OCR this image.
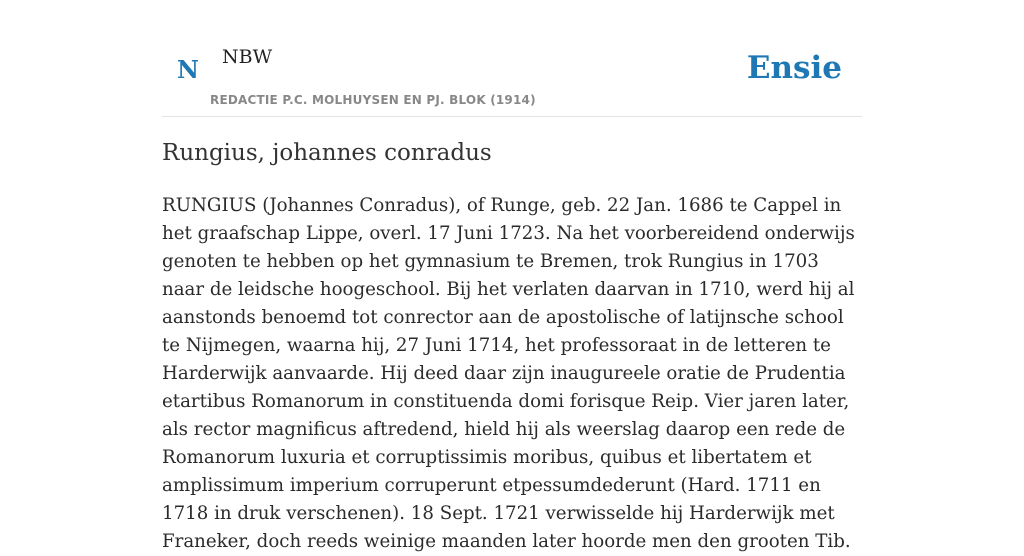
N NBW
REDACTIE P.C. MOLHUYSEN EN PJ. BLOK (1914)
Ensie
Rungius, johannes conradus

RUNGIUS (Johannes Conradus), of Runge, geb. 22 Jan. 1686 te Cappel in het graafschap Lippe, overl. 17 Juni 1723. Na het voorbereidend onderwijs genoten te hebben op het gymnasium te Bremen, trok Rungius in 1703 naar de leidsche hoogeschool. Bij het verlaten daarvan in 1710, werd hij al aanstonds benoemd tot conrector aan de apostolische of latijnsche school te Nijmegen, waarna hij, 27 Juni 1714, het professoraat in de letteren te Harderwijk aanvaarde. Hij deed daar zijn inaugureele oratie de Prudentia etartibus Romanorum in constituenda domi forisque Reip. Vier jaren later, als rector magnificus aftredend, hield hij als weerslag daarop een rede de Romanorum luxuria et corruptissimis moribus, quibus et libertatem et amplissimum imperium corruperunt etpessumdederunt (Hard. 1711 en 1718 in druk verschenen). 18 Sept. 1721 verwisselde hij Harderwijk met Franeker, doch reeds weinige maanden later hoorde men den grooten Tib.
